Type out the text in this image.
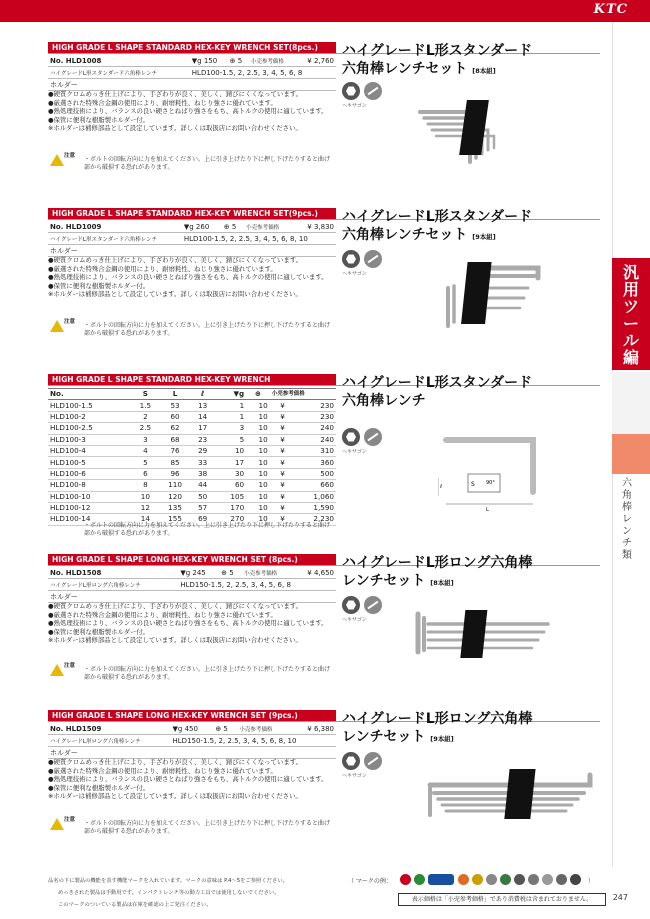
KTC
HIGH GRADE L SHAPE STANDARD HEX-KEY WRENCH SET(8pcs.)	ハイグレードL形スタンダード
六角棒レンチセット [8本組]
No. HLD1008	▼g 150	⊕ 5	小売参考価格	¥ 2,760
ハイグレードL形スタンダード六角棒レンチ	HLD100-1.5, 2, 2.5, 3, 4, 5, 6, 8			
ホルダー				
●硬質クロムめっき仕上げにより、手ざわりが良く、美しく、錆びにくくなっています。
●厳選された特殊合金鋼の使用により、耐磨耗性、ねじり強さに優れています。
●熱処理技術により、バランスの良い硬さとねばり強さをもち、高トルクの使用に適しています。
●保管に便利な樹脂製ホルダー付。
※ホルダーは補修部品として設定しています。詳しくは取扱店にお問い合わせください。
注意 ・ボルトの回転方向に力を加えてください。上に引き上げたり下に押し下げたりすると曲げ部から破損する恐れがあります。
ヘキサゴン
HIGH GRADE L SHAPE STANDARD HEX-KEY WRENCH SET(9pcs.)	ハイグレードL形スタンダード
六角棒レンチセット [9本組]
No. HLD1009	▼g 260	⊕ 5	小売参考価格	¥ 3,830
ハイグレードL形スタンダード六角棒レンチ	HLD100-1.5, 2, 2.5, 3, 4, 5, 6, 8, 10			
ホルダー				
●硬質クロムめっき仕上げにより、手ざわりが良く、美しく、錆びにくくなっています。
●厳選された特殊合金鋼の使用により、耐磨耗性、ねじり強さに優れています。
●熱処理技術により、バランスの良い硬さとねばり強さをもち、高トルクの使用に適しています。
●保管に便利な樹脂製ホルダー付。
※ホルダーは補修部品として設定しています。詳しくは取扱店にお問い合わせください。
注意 ・ボルトの回転方向に力を加えてください。上に引き上げたり下に押し下げたりすると曲げ部から破損する恐れがあります。
ヘキサゴン
HIGH GRADE L SHAPE STANDARD HEX-KEY WRENCH	ハイグレードL形スタンダード
六角棒レンチ
No.	S	L	ℓ	▼g	⊕	小売参考価格	
HLD100-1.5	1.5	53	13	1	10	¥	230
HLD100-2	2	60	14	1	10	¥	230
HLD100-2.5	2.5	62	17	3	10	¥	240
HLD100-3	3	68	23	5	10	¥	240
HLD100-4	4	76	29	10	10	¥	310
HLD100-5	5	85	33	17	10	¥	360
HLD100-6	6	96	38	30	10	¥	500
HLD100-8	8	110	44	60	10	¥	660
HLD100-10	10	120	50	105	10	¥	1,060
HLD100-12	12	135	57	170	10	¥	1,590
HLD100-14	14	155	69	270	10	¥	2,230
・ボルトの回転方向に力を加えてください。上に引き上げたり下に押し下げたりすると曲げ部から破損する恐れがあります。
ヘキサゴン
ℓ	S 90°
L
HIGH GRADE L SHAPE LONG HEX-KEY WRENCH SET (8pcs.)	ハイグレードL形ロング六角棒
レンチセット [8本組]
No. HLD1508	▼g 245	⊕ 5	小売参考価格	¥ 4,650
ハイグレードL形ロング六角棒レンチ	HLD150-1.5, 2, 2.5, 3, 4, 5, 6, 8			
ホルダー				
●硬質クロムめっき仕上げにより、手ざわりが良く、美しく、錆びにくくなっています。
●厳選された特殊合金鋼の使用により、耐磨耗性、ねじり強さに優れています。
●熱処理技術により、バランスの良い硬さとねばり強さをもち、高トルクの使用に適しています。
●保管に便利な樹脂製ホルダー付。
※ホルダーは補修部品として設定しています。詳しくは取扱店にお問い合わせください。
注意 ・ボルトの回転方向に力を加えてください。上に引き上げたり下に押し下げたりすると曲げ部から破損する恐れがあります。
ヘキサゴン
HIGH GRADE L SHAPE LONG HEX-KEY WRENCH SET (9pcs.)	ハイグレードL形ロング六角棒
レンチセット [9本組]
No. HLD1509	▼g 450	⊕ 5	小売参考価格	¥ 6,380
ハイグレードL形ロング六角棒レンチ	HLD150-1.5, 2, 2.5, 3, 4, 5, 6, 8, 10			
ホルダー				
●硬質クロムめっき仕上げにより、手ざわりが良く、美しく、錆びにくくなっています。
●厳選された特殊合金鋼の使用により、耐磨耗性、ねじり強さに優れています。
●熱処理技術により、バランスの良い硬さとねばり強さをもち、高トルクの使用に適しています。
●保管に便利な樹脂製ホルダー付。
※ホルダーは補修部品として設定しています。詳しくは取扱店にお問い合わせください。
注意 ・ボルトの回転方向に力を加えてください。上に引き上げたり下に押し下げたりすると曲げ部から破損する恐れがあります。
ヘキサゴン
汎用ツール編
六角棒レンチ類
品名の下に製品の機能を表す機能マークを入れています。マークの意味は P.4〜5をご参照ください。
めっきされた製品は手動用です。インパクトレンチ等の動力工具では使用しないでください。
このマークのついている製品は在庫を確認の上ご発注ください。
（ マークの例：	）
表示価格は「小売参考価格」であり消費税は含まれておりません。	247
